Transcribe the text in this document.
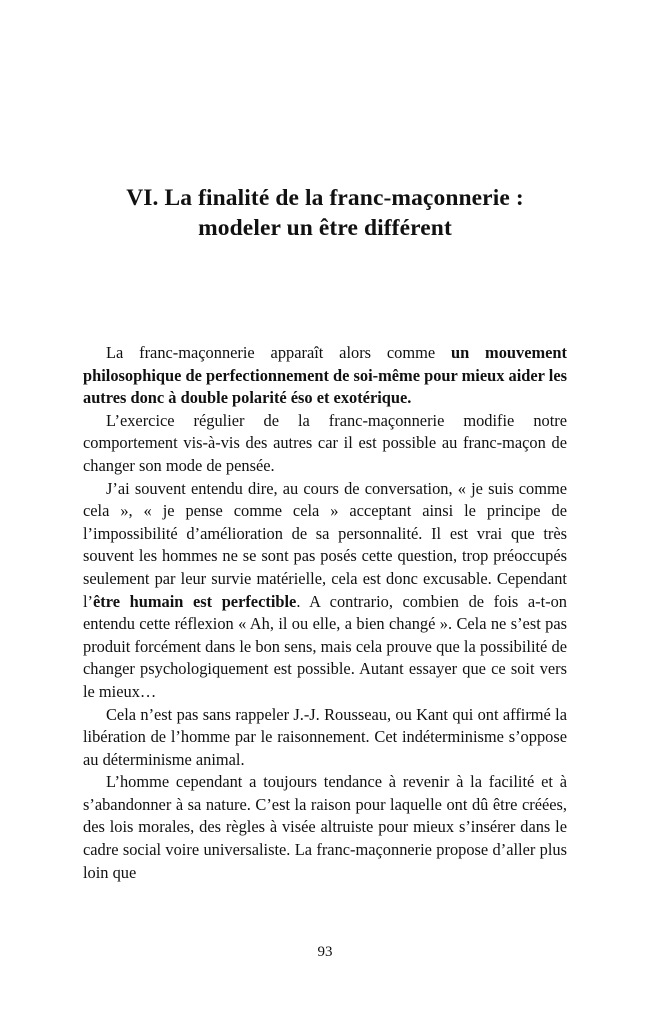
VI. La finalité de la franc-maçonnerie :
modeler un être différent

La franc-maçonnerie apparaît alors comme un mouvement philosophique de perfectionnement de soi-même pour mieux aider les autres donc à double polarité éso et exotérique.

L’exercice régulier de la franc-maçonnerie modifie notre comportement vis-à-vis des autres car il est possible au franc-maçon de changer son mode de pensée.

J’ai souvent entendu dire, au cours de conversation, « je suis comme cela », « je pense comme cela » acceptant ainsi le principe de l’impossibilité d’amélioration de sa personnalité. Il est vrai que très souvent les hommes ne se sont pas posés cette question, trop préoccupés seulement par leur survie matérielle, cela est donc excusable. Cependant l’être humain est perfectible. A contrario, combien de fois a-t-on entendu cette réflexion « Ah, il ou elle, a bien changé ». Cela ne s’est pas produit forcément dans le bon sens, mais cela prouve que la possibilité de changer psychologiquement est possible. Autant essayer que ce soit vers le mieux…

Cela n’est pas sans rappeler J.-J. Rousseau, ou Kant qui ont affirmé la libération de l’homme par le raisonnement. Cet indéterminisme s’oppose au déterminisme animal.

L’homme cependant a toujours tendance à revenir à la facilité et à s’abandonner à sa nature. C’est la raison pour laquelle ont dû être créées, des lois morales, des règles à visée altruiste pour mieux s’insérer dans le cadre social voire universaliste. La franc-maçonnerie propose d’aller plus loin que

93
